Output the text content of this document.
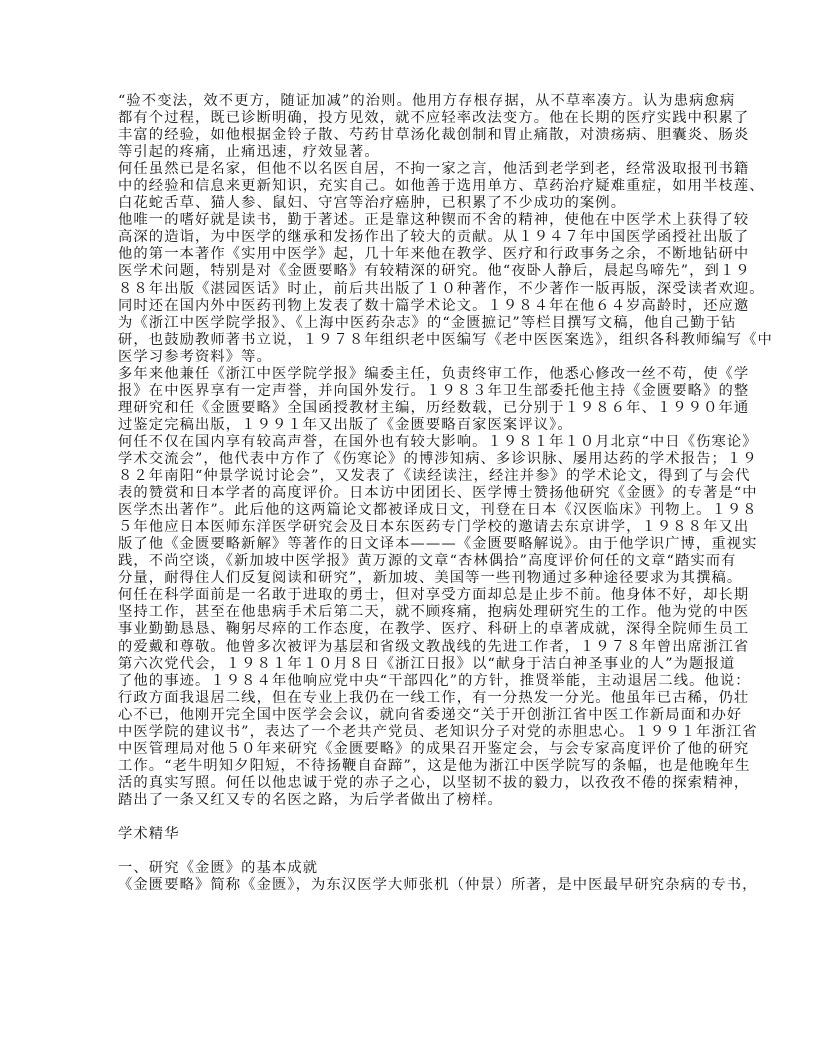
“验不变法，效不更方，随证加减”的治则。他用方存根存据，从不草率凑方。认为患病愈病
都有个过程，既已诊断明确，投方见效，就不应轻率改法变方。他在长期的医疗实践中积累了
丰富的经验，如他根据金铃子散、芍药甘草汤化裁创制和胃止痛散，对溃疡病、胆囊炎、肠炎
等引起的疼痛，止痛迅速，疗效显著。
何任虽然已是名家，但他不以名医自居，不拘一家之言，他活到老学到老，经常汲取报刊书籍
中的经验和信息来更新知识，充实自己。如他善于选用单方、草药治疗疑难重症，如用半枝莲、
白花蛇舌草、猫人参、鼠妇、守宫等治疗癌肿，已积累了不少成功的案例。
他唯一的嗜好就是读书，勤于著述。正是靠这种锲而不舍的精神，使他在中医学术上获得了较
高深的造诣，为中医学的继承和发扬作出了较大的贡献。从１９４７年中国医学函授社出版了
他的第一本著作《实用中医学》起，几十年来他在教学、医疗和行政事务之余，不断地钻研中
医学术问题，特别是对《金匮要略》有较精深的研究。他“夜卧人静后，晨起鸟啼先”，到１９
８８年出版《湛园医话》时止，前后共出版了１０种著作，不少著作一版再版，深受读者欢迎。
同时还在国内外中医药刊物上发表了数十篇学术论文。１９８４年在他６４岁高龄时，还应邀
为《浙江中医学院学报》、《上海中医药杂志》的“金匮摭记”等栏目撰写文稿，他自己勤于钻
研，也鼓励教师著书立说，１９７８年组织老中医编写《老中医医案选》，组织各科教师编写《中
医学习参考资料》等。
多年来他兼任《浙江中医学院学报》编委主任，负责终审工作，他悉心修改一丝不苟，使《学
报》在中医界享有一定声誉，并向国外发行。１９８３年卫生部委托他主持《金匮要略》的整
理研究和任《金匮要略》全国函授教材主编，历经数载，已分别于１９８６年、１９９０年通
过鉴定完稿出版，１９９１年又出版了《金匮要略百家医案评议》。
何任不仅在国内享有较高声誉，在国外也有较大影响。１９８１年１０月北京“中日《伤寒论》
学术交流会”，他代表中方作了《伤寒论》的博涉知病、多诊识脉、屡用达药的学术报告；１９
８２年南阳“仲景学说讨论会”，又发表了《读经读注，经注并参》的学术论文，得到了与会代
表的赞赏和日本学者的高度评价。日本访中团团长、医学博士赞扬他研究《金匮》的专著是“中
医学杰出著作”。此后他的这两篇论文都被译成日文，刊登在日本《汉医临床》刊物上。１９８
５年他应日本医师东洋医学研究会及日本东医药专门学校的邀请去东京讲学，１９８８年又出
版了他《金匮要略新解》等著作的日文译本———《金匮要略解说》。由于他学识广博，重视实
践，不尚空谈，《新加坡中医学报》黄万源的文章“杏林偶拾”高度评价何任的文章“踏实而有
分量，耐得住人们反复阅读和研究”，新加坡、美国等一些刊物通过多种途径要求为其撰稿。
何任在科学面前是一名敢于进取的勇士，但对享受方面却总是止步不前。他身体不好，却长期
坚持工作，甚至在他患病手术后第二天，就不顾疼痛，抱病处理研究生的工作。他为党的中医
事业勤勤恳恳、鞠躬尽瘁的工作态度，在教学、医疗、科研上的卓著成就，深得全院师生员工
的爱戴和尊敬。他曾多次被评为基层和省级文教战线的先进工作者，１９７８年曾出席浙江省
第六次党代会，１９８１年１０月８日《浙江日报》以“献身于洁白神圣事业的人”为题报道
了他的事迹。１９８４年他响应党中央“干部四化”的方针，推贤举能，主动退居二线。他说：
行政方面我退居二线，但在专业上我仍在一线工作，有一分热发一分光。他虽年已古稀，仍壮
心不已，他刚开完全国中医学会会议，就向省委递交“关于开创浙江省中医工作新局面和办好
中医学院的建议书”，表达了一个老共产党员、老知识分子对党的赤胆忠心。１９９１年浙江省
中医管理局对他５０年来研究《金匮要略》的成果召开鉴定会，与会专家高度评价了他的研究
工作。“老牛明知夕阳短，不待扬鞭自奋蹄”，这是他为浙江中医学院写的条幅，也是他晚年生
活的真实写照。何任以他忠诚于党的赤子之心，以坚韧不拔的毅力，以孜孜不倦的探索精神，
踏出了一条又红又专的名医之路，为后学者做出了榜样。
学术精华
一、研究《金匮》的基本成就
《金匮要略》简称《金匮》，为东汉医学大师张机（仲景）所著，是中医最早研究杂病的专书，
